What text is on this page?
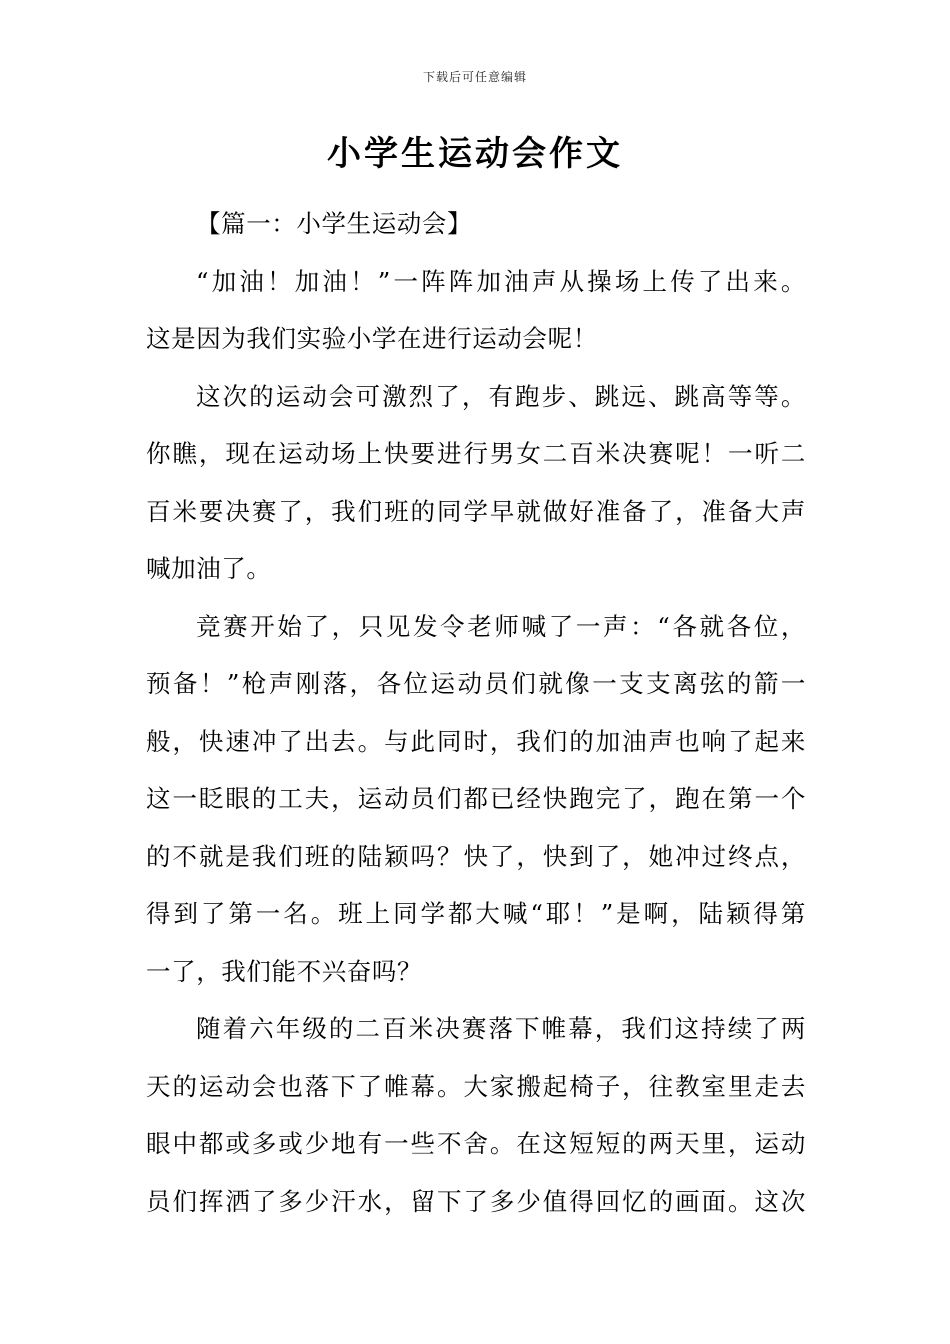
下载后可任意编辑
小学生运动会作文
【篇一：小学生运动会】
“加油！加油！”一阵阵加油声从操场上传了出来。
这是因为我们实验小学在进行运动会呢！
这次的运动会可激烈了，有跑步、跳远、跳高等等。
你瞧，现在运动场上快要进行男女二百米决赛呢！一听二
百米要决赛了，我们班的同学早就做好准备了，准备大声
喊加油了。
竞赛开始了，只见发令老师喊了一声：“各就各位，
预备！”枪声刚落，各位运动员们就像一支支离弦的箭一
般，快速冲了出去。与此同时，我们的加油声也响了起来
这一眨眼的工夫，运动员们都已经快跑完了，跑在第一个
的不就是我们班的陆颖吗？快了，快到了，她冲过终点，
得到了第一名。班上同学都大喊“耶！”是啊，陆颖得第
一了，我们能不兴奋吗？
随着六年级的二百米决赛落下帷幕，我们这持续了两
天的运动会也落下了帷幕。大家搬起椅子，往教室里走去
眼中都或多或少地有一些不舍。在这短短的两天里，运动
员们挥洒了多少汗水，留下了多少值得回忆的画面。这次
